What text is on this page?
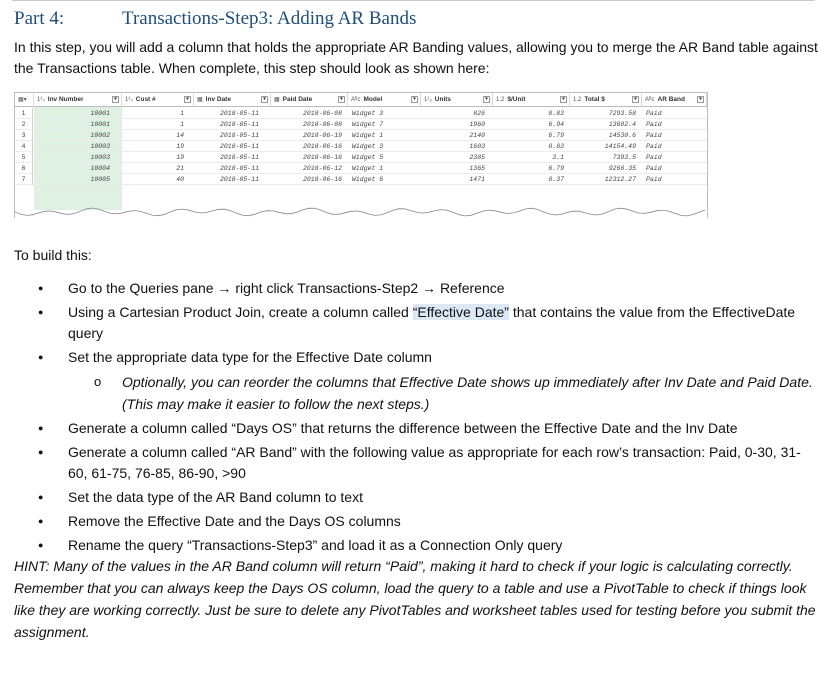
Part 4:	Transactions-Step3: Adding AR Bands
In this step, you will add a column that holds the appropriate AR Banding values, allowing you to merge the AR Band table against the Transactions table. When complete, this step should look as shown here:
▦▾ 1²₃ Inv Number	▾	1²₃ Cust #	▾	▦ Inv Date	▾	▦ Paid Date	▾	Aᴮc Model	▾	1²₃ Units	▾	1.2 $/Unit	▾	1.2 Total $	▾	Aᴮc AR Band	▾
1	10001	1	2018-05-11	2018-06-08 Widget 3	826	8.83	7293.58 Paid
2	10001	1	2018-05-11	2018-06-08 Widget 7	1960	6.94	13602.4 Paid
3	10002	14	2018-05-11	2018-06-19 Widget 1	2140	6.79	14530.6 Paid
4	10003	19	2018-05-11	2018-06-16 Widget 3	1603	8.83	14154.49 Paid
5	10003	19	2018-05-11	2018-06-16 Widget 5	2385	3.1	7393.5 Paid
6	10004	21	2018-05-11	2018-06-12 Widget 1	1365	6.79	9268.35 Paid
7	10005	40	2018-05-11	2018-06-16 Widget 6	1471	8.37	12312.27 Paid
To build this:
● Go to the Queries pane → right click Transactions-Step2 → Reference
● Using a Cartesian Product Join, create a column called “Effective Date” that contains the value from the EffectiveDate query
● Set the appropriate data type for the Effective Date column
o Optionally, you can reorder the columns that Effective Date shows up immediately after Inv Date and Paid Date. (This may make it easier to follow the next steps.)
● Generate a column called “Days OS” that returns the difference between the Effective Date and the Inv Date
● Generate a column called “AR Band” with the following value as appropriate for each row’s transaction: Paid, 0-30, 31-60, 61-75, 76-85, 86-90, >90
● Set the data type of the AR Band column to text
● Remove the Effective Date and the Days OS columns
● Rename the query “Transactions-Step3” and load it as a Connection Only query
HINT: Many of the values in the AR Band column will return “Paid”, making it hard to check if your logic is calculating correctly. Remember that you can always keep the Days OS column, load the query to a table and use a PivotTable to check if things look like they are working correctly. Just be sure to delete any PivotTables and worksheet tables used for testing before you submit the assignment.
